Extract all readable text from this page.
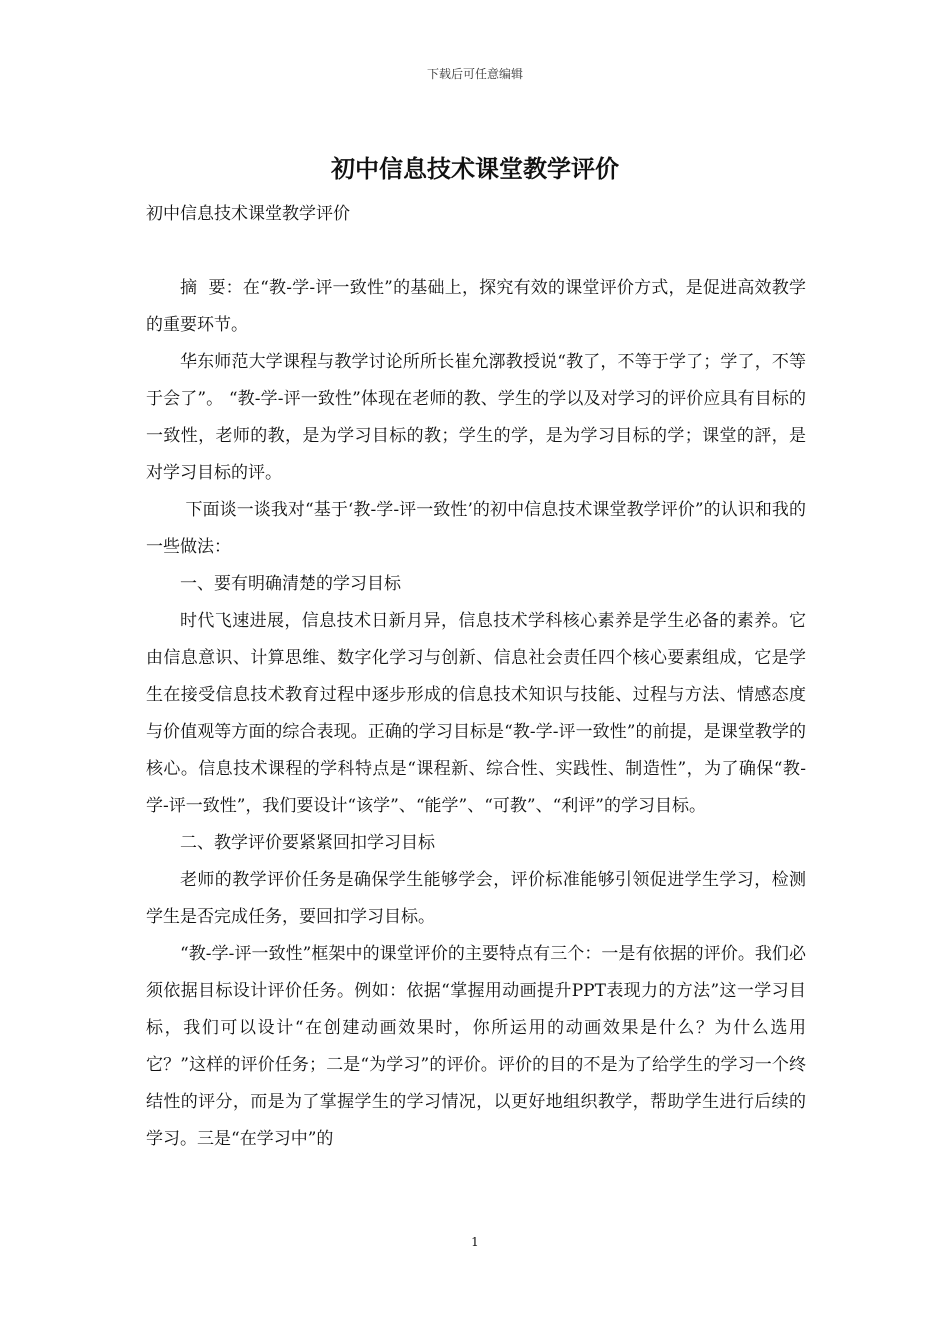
下载后可任意编辑
初中信息技术课堂教学评价

初中信息技术课堂教学评价

摘  要：在“教-学-评一致性”的基础上，探究有效的课堂评价方式，是促进高效教学的重要环节。

华东师范大学课程与教学讨论所所长崔允漷教授说“教了，不等于学了；学了，不等于会了”。 “教-学-评一致性”体现在老师的教、学生的学以及对学习的评价应具有目标的一致性，老师的教，是为学习目标的教；学生的学，是为学习目标的学；课堂的評，是对学习目标的评。

下面谈一谈我对“基于‘教-学-评一致性’的初中信息技术课堂教学评价”的认识和我的一些做法：

一、要有明确清楚的学习目标

时代飞速进展，信息技术日新月异，信息技术学科核心素养是学生必备的素养。它由信息意识、计算思维、数字化学习与创新、信息社会责任四个核心要素组成，它是学生在接受信息技术教育过程中逐步形成的信息技术知识与技能、过程与方法、情感态度与价值观等方面的综合表现。正确的学习目标是“教-学-评一致性”的前提，是课堂教学的核心。信息技术课程的学科特点是“课程新、综合性、实践性、制造性”，为了确保“教-学-评一致性”，我们要设计“该学”、“能学”、“可教”、“利评”的学习目标。

二、教学评价要紧紧回扣学习目标

老师的教学评价任务是确保学生能够学会，评价标准能够引领促进学生学习，检测学生是否完成任务，要回扣学习目标。

“教-学-评一致性”框架中的课堂评价的主要特点有三个：一是有依据的评价。我们必须依据目标设计评价任务。例如：依据“掌握用动画提升PPT表现力的方法”这一学习目标，我们可以设计“在创建动画效果时，你所运用的动画效果是什么？为什么选用它？”这样的评价任务；二是“为学习”的评价。评价的目的不是为了给学生的学习一个终结性的评分，而是为了掌握学生的学习情况，以更好地组织教学，帮助学生进行后续的学习。三是“在学习中”的

1
